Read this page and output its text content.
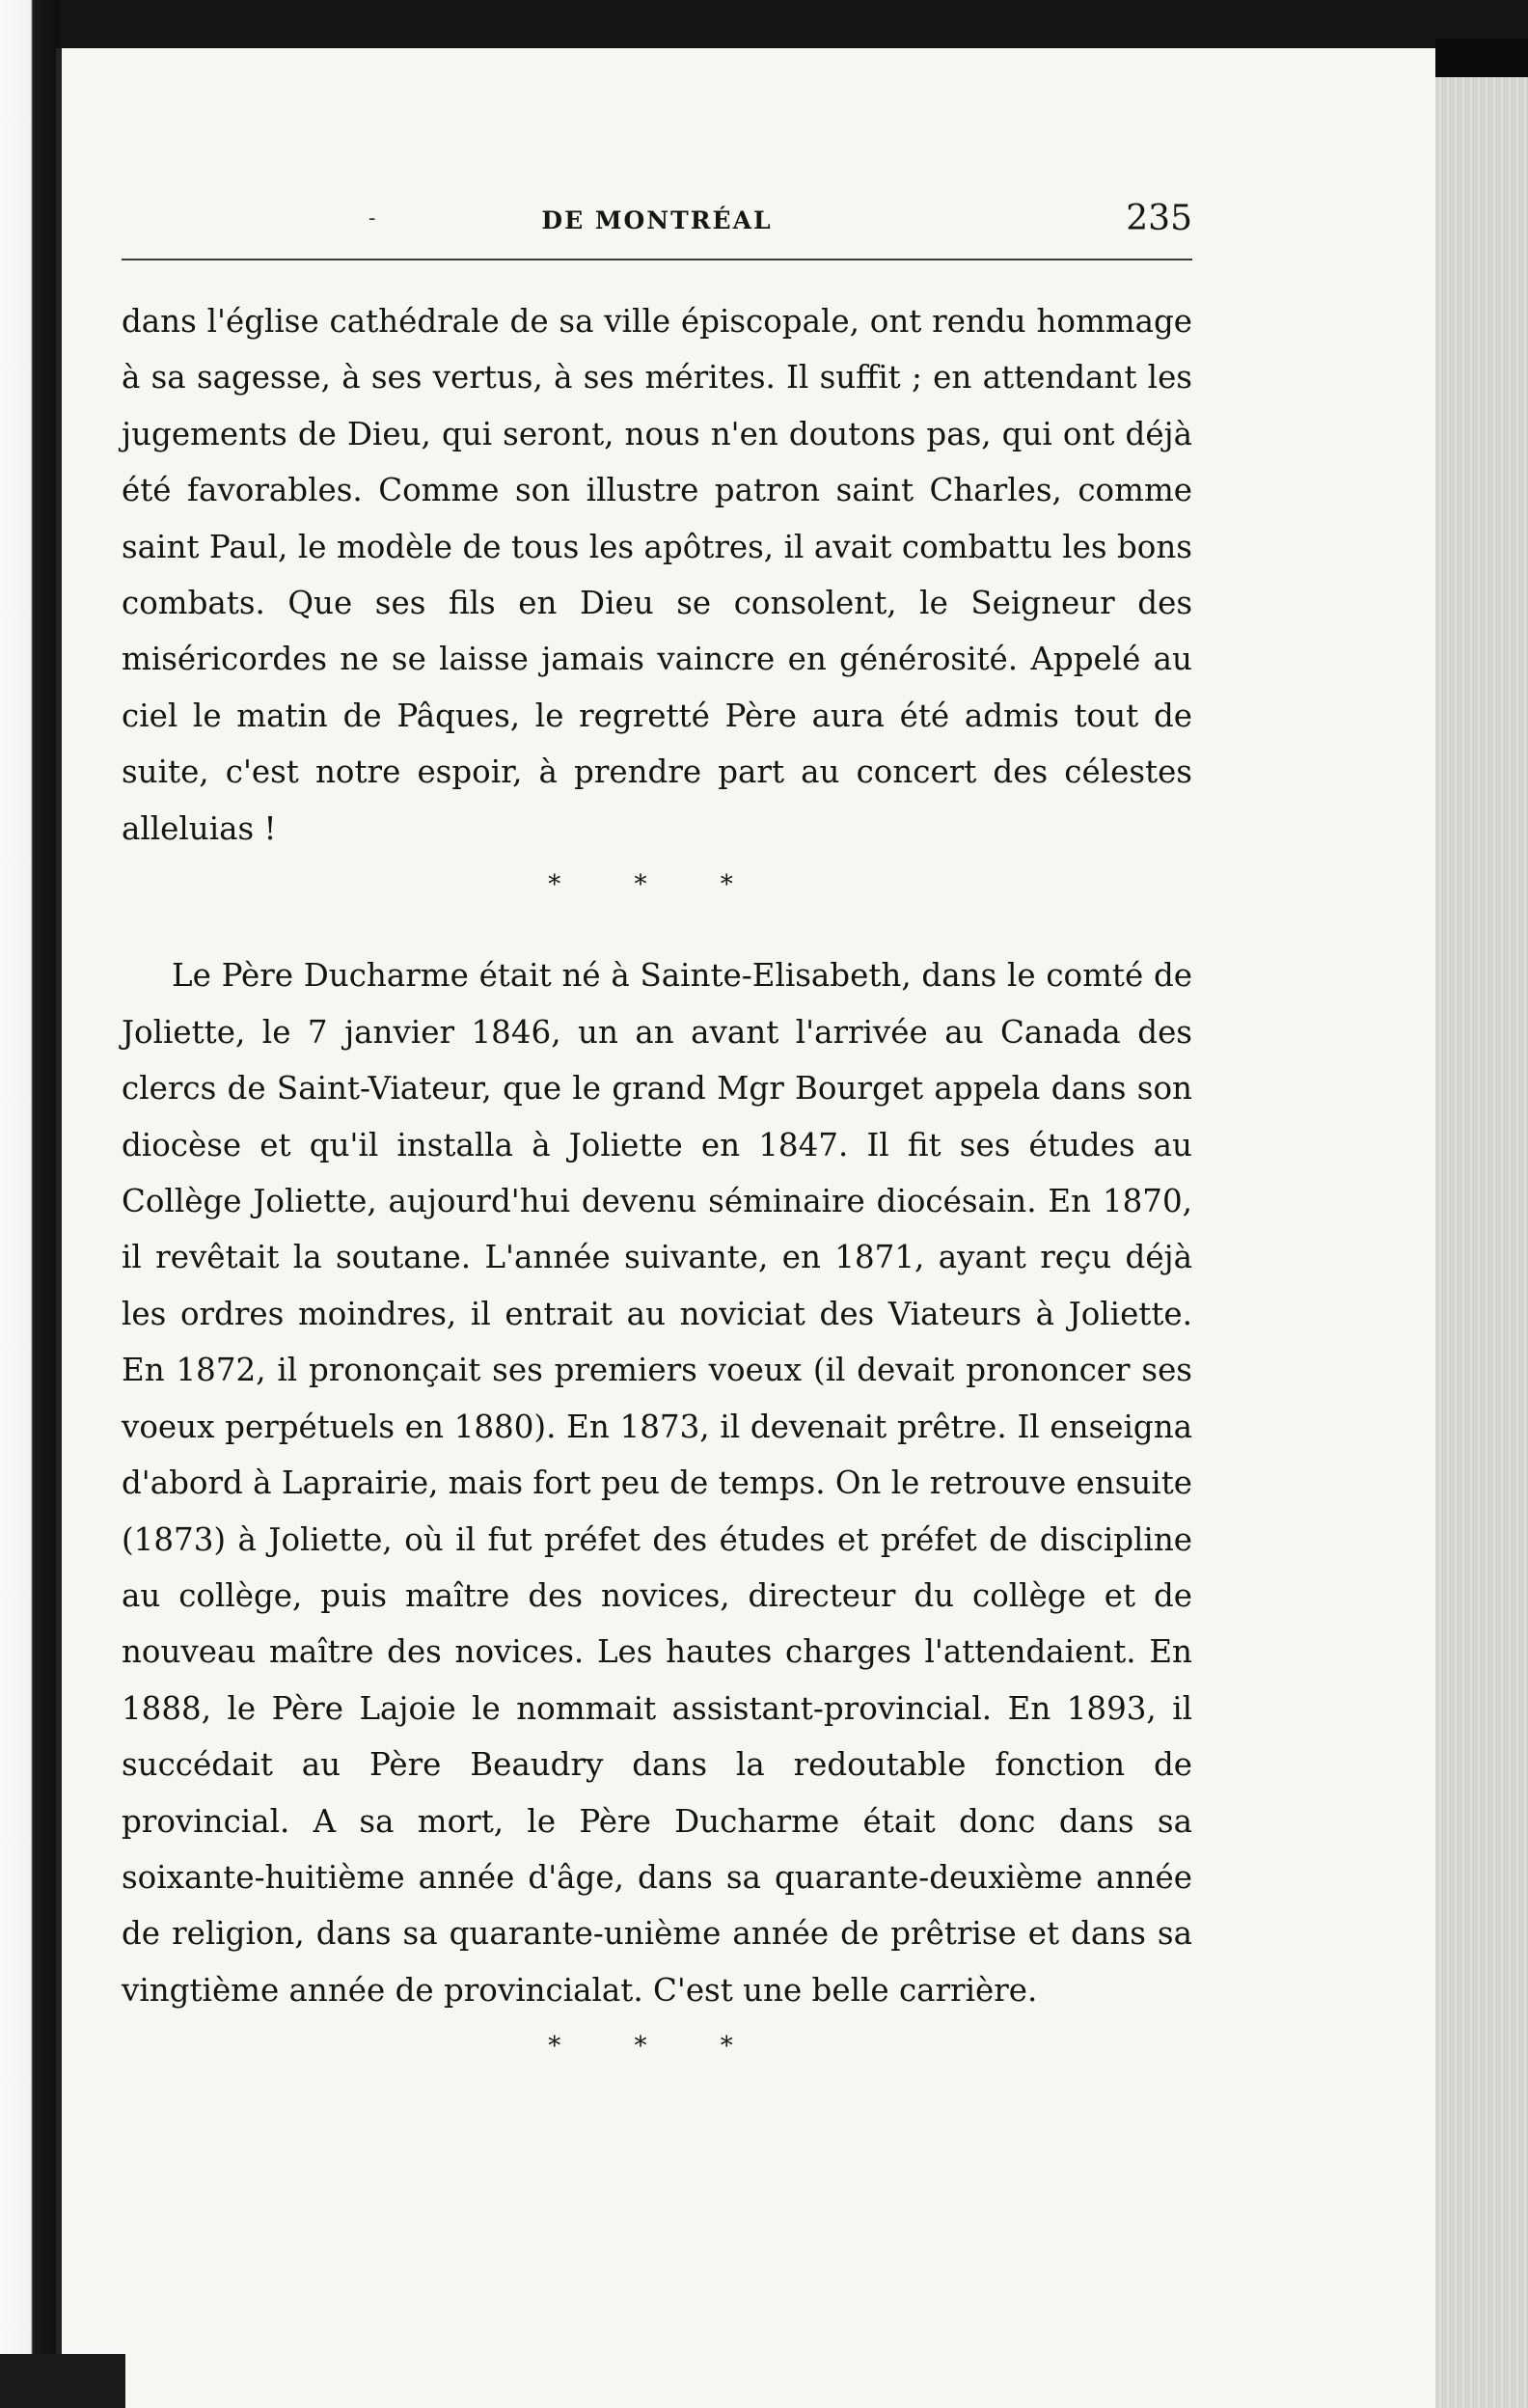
-	DE MONTRÉAL	235

dans l'église cathédrale de sa ville épiscopale, ont rendu hommage à sa sagesse, à ses vertus, à ses mérites. Il suffit ; en attendant les jugements de Dieu, qui seront, nous n'en doutons pas, qui ont déjà été favorables. Comme son illustre patron saint Charles, comme saint Paul, le modèle de tous les apôtres, il avait combattu les bons combats. Que ses fils en Dieu se consolent, le Seigneur des miséricordes ne se laisse jamais vaincre en générosité. Appelé au ciel le matin de Pâques, le regretté Père aura été admis tout de suite, c'est notre espoir, à prendre part au concert des célestes alleluias !

* * *

Le Père Ducharme était né à Sainte-Elisabeth, dans le comté de Joliette, le 7 janvier 1846, un an avant l'arrivée au Canada des clercs de Saint-Viateur, que le grand Mgr Bourget appela dans son diocèse et qu'il installa à Joliette en 1847. Il fit ses études au Collège Joliette, aujourd'hui devenu séminaire diocésain. En 1870, il revêtait la soutane. L'année suivante, en 1871, ayant reçu déjà les ordres moindres, il entrait au noviciat des Viateurs à Joliette. En 1872, il prononçait ses premiers voeux (il devait prononcer ses voeux perpétuels en 1880). En 1873, il devenait prêtre. Il enseigna d'abord à Laprairie, mais fort peu de temps. On le retrouve ensuite (1873) à Joliette, où il fut préfet des études et préfet de discipline au collège, puis maître des novices, directeur du collège et de nouveau maître des novices. Les hautes charges l'attendaient. En 1888, le Père Lajoie le nommait assistant-provincial. En 1893, il succédait au Père Beaudry dans la redoutable fonction de provincial. A sa mort, le Père Ducharme était donc dans sa soixante-huitième année d'âge, dans sa quarante-deuxième année de religion, dans sa quarante-unième année de prêtrise et dans sa vingtième année de provincialat. C'est une belle carrière.

* * *
